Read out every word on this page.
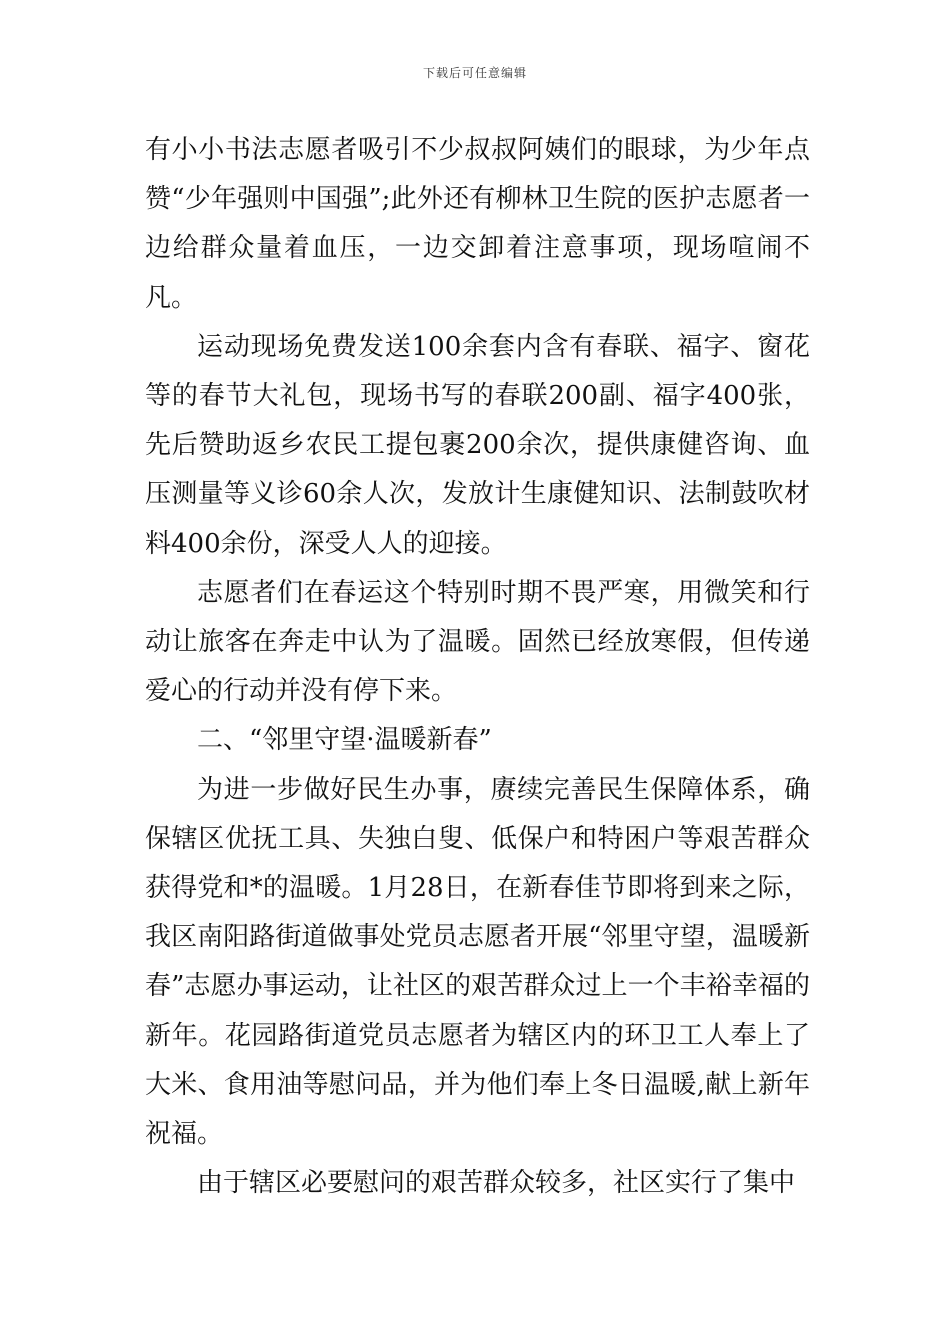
下载后可任意编辑

有小小书法志愿者吸引不少叔叔阿姨们的眼球，为少年点赞“少年强则中国强”;此外还有柳林卫生院的医护志愿者一边给群众量着血压，一边交卸着注意事项，现场喧闹不凡。

运动现场免费发送100余套内含有春联、福字、窗花等的春节大礼包，现场书写的春联200副、福字400张，先后赞助返乡农民工提包裹200余次，提供康健咨询、血压测量等义诊60余人次，发放计生康健知识、法制鼓吹材料400余份，深受人人的迎接。

志愿者们在春运这个特别时期不畏严寒，用微笑和行动让旅客在奔走中认为了温暖。固然已经放寒假，但传递爱心的行动并没有停下来。

二、“邻里守望·温暖新春”

为进一步做好民生办事，赓续完善民生保障体系，确保辖区优抚工具、失独白叟、低保户和特困户等艰苦群众获得党和*的温暖。1月28日，在新春佳节即将到来之际，我区南阳路街道做事处党员志愿者开展“邻里守望，温暖新春”志愿办事运动，让社区的艰苦群众过上一个丰裕幸福的新年。花园路街道党员志愿者为辖区内的环卫工人奉上了大米、食用油等慰问品，并为他们奉上冬日温暖,献上新年祝福。

由于辖区必要慰问的艰苦群众较多，社区实行了集中
